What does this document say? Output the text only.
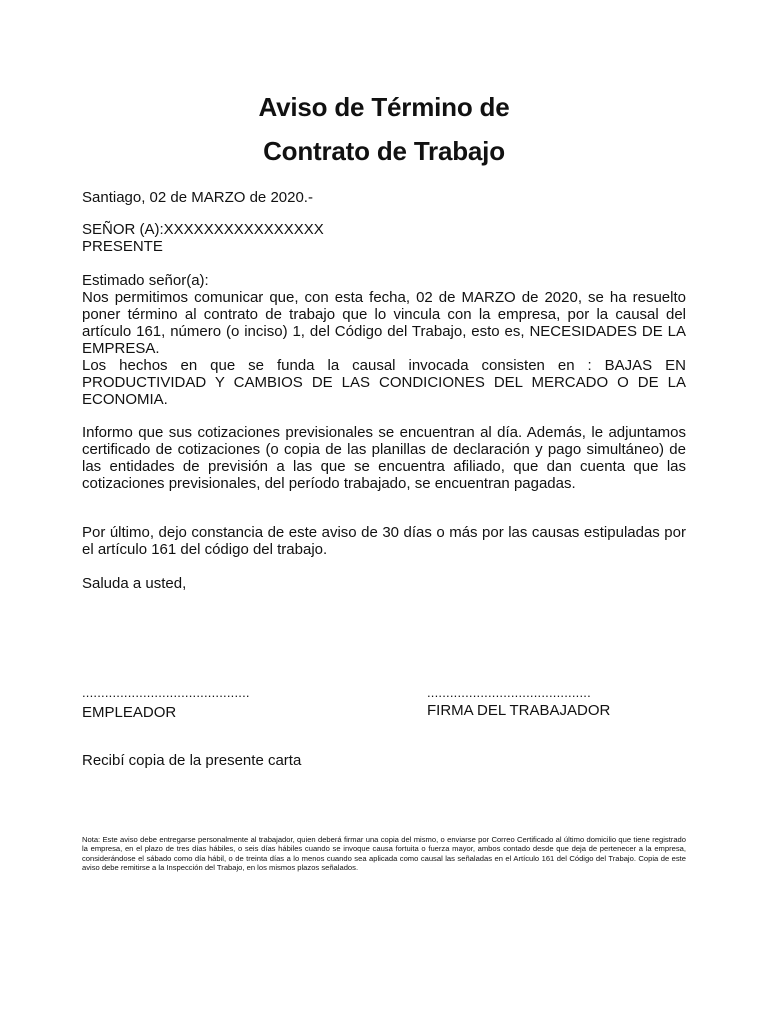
Aviso de Término de
Contrato de Trabajo

Santiago, 02 de MARZO de 2020.-

SEÑOR (A):XXXXXXXXXXXXXXXX
PRESENTE

Estimado señor(a):

Nos permitimos comunicar que, con esta fecha, 02 de MARZO de 2020, se ha resuelto poner término al contrato de trabajo que lo vincula con la empresa, por la causal del artículo 161, número (o inciso) 1, del Código del Trabajo, esto es, NECESIDADES DE LA EMPRESA.

Los hechos en que se funda la causal invocada consisten en : BAJAS EN PRODUCTIVIDAD Y CAMBIOS DE LAS CONDICIONES DEL MERCADO O DE LA ECONOMIA.

Informo que sus cotizaciones previsionales se encuentran al día. Además, le adjuntamos certificado de cotizaciones (o copia de las planillas de declaración y pago simultáneo) de las entidades de previsión a las que se encuentra afiliado, que dan cuenta que las cotizaciones previsionales, del período trabajado, se encuentran pagadas.

Por último, dejo constancia de este aviso de 30 días o más por las causas estipuladas por el artículo 161 del código del trabajo.

Saluda a usted,

............................................
EMPLEADOR
...........................................
FIRMA DEL TRABAJADOR

Recibí copia de la presente carta

Nota: Este aviso debe entregarse personalmente al trabajador, quien deberá firmar una copia del mismo, o enviarse por Correo Certificado al último domicilio que tiene registrado la empresa, en el plazo de tres días hábiles, o seis días hábiles cuando se invoque causa fortuita o fuerza mayor, ambos contado desde que deja de pertenecer a la empresa, considerándose el sábado como día hábil, o de treinta días a lo menos cuando sea aplicada como causal las señaladas en el Artículo 161 del Código del Trabajo. Copia de este aviso debe remitirse a la Inspección del Trabajo, en los mismos plazos señalados.
